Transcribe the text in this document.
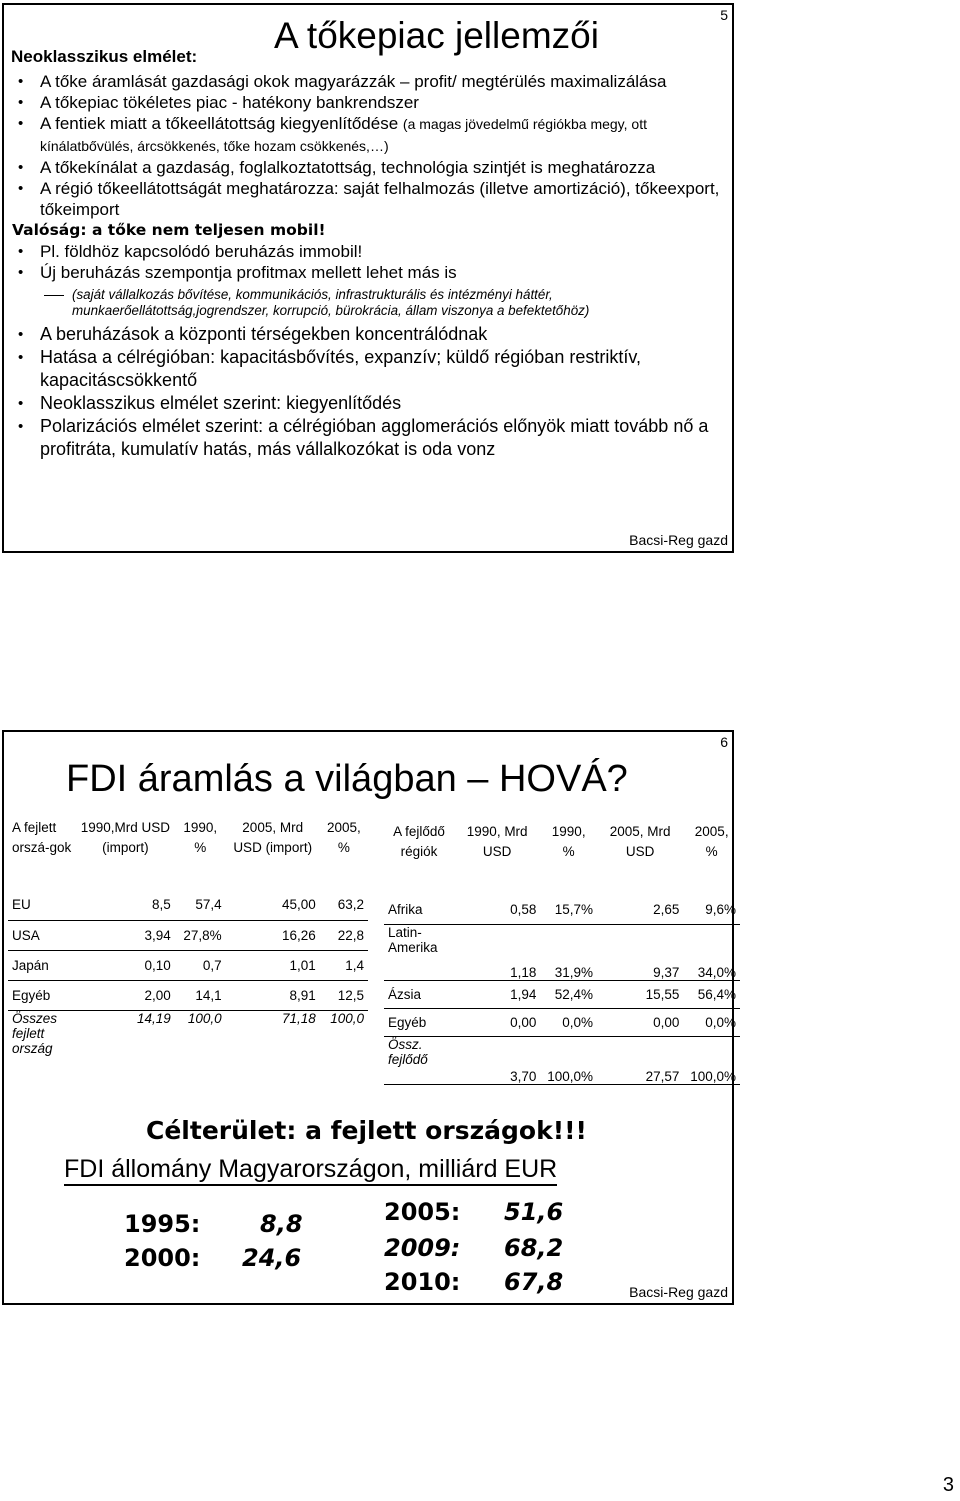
5
Neoklasszikus elmélet:
A tőkepiac jellemzői
• A tőke áramlását gazdasági okok magyarázzák – profit/ megtérülés maximalizálása
• A tőkepiac tökéletes piac - hatékony bankrendszer
• A fentiek miatt a tőkeellátottság kiegyenlítődése (a magas jövedelmű régiókba megy, ott kínálatbővülés, árcsökkenés, tőke hozam csökkenés,…)
• A tőkekínálat a gazdaság, foglalkoztatottság, technológia szintjét is meghatározza
• A régió tőkeellátottságát meghatározza: saját felhalmozás (illetve amortizáció), tőkeexport, tőkeimport
Valóság: a tőke nem teljesen mobil!
• Pl. földhöz kapcsolódó beruházás immobil!
• Új beruházás szempontja profitmax mellett lehet más is
(saját vállalkozás bővítése, kommunikációs, infrastrukturális és intézményi háttér, munkaerőellátottság,jogrendszer, korrupció, bürokrácia, állam viszonya a befektetőhöz)
• A beruházások a központi térségekben koncentrálódnak
• Hatása a célrégióban: kapacitásbővítés, expanzív; küldő régióban restriktív, kapacitáscsökkentő
• Neoklasszikus elmélet szerint: kiegyenlítődés
• Polarizációs elmélet szerint: a célrégióban agglomerációs előnyök miatt tovább nő a profitráta, kumulatív hatás, más vállalkozókat is oda vonz
Bacsi-Reg gazd
6
FDI áramlás a világban – HOVÁ?
A fejlett orszá-gok	1990,Mrd USD (import)	1990, %	2005, Mrd USD (import)	2005, %
EU	8,5	57,4	45,00	63,2
USA	3,94	27,8%	16,26	22,8
Japán	0,10	0,7	1,01	1,4
Egyéb	2,00	14,1	8,91	12,5
Összes fejlett ország	14,19	100,0	71,18	100,0
A fejlődő régiók	1990, Mrd USD	1990, %	2005, Mrd USD	2005, %
Afrika	0,58	15,7%	2,65	9,6%
Latin-Amerika	1,18	31,9%	9,37	34,0%
Ázsia	1,94	52,4%	15,55	56,4%
Egyéb	0,00	0,0%	0,00	0,0%
Össz. fejlődő	3,70	100,0%	27,57	100,0%
Célterület: a fejlett országok!!!
FDI állomány Magyarországon, milliárd EUR
1995: 8,8
2000: 24,6
2005: 51,6
2009: 68,2
2010: 67,8	Bacsi-Reg gazd
3
